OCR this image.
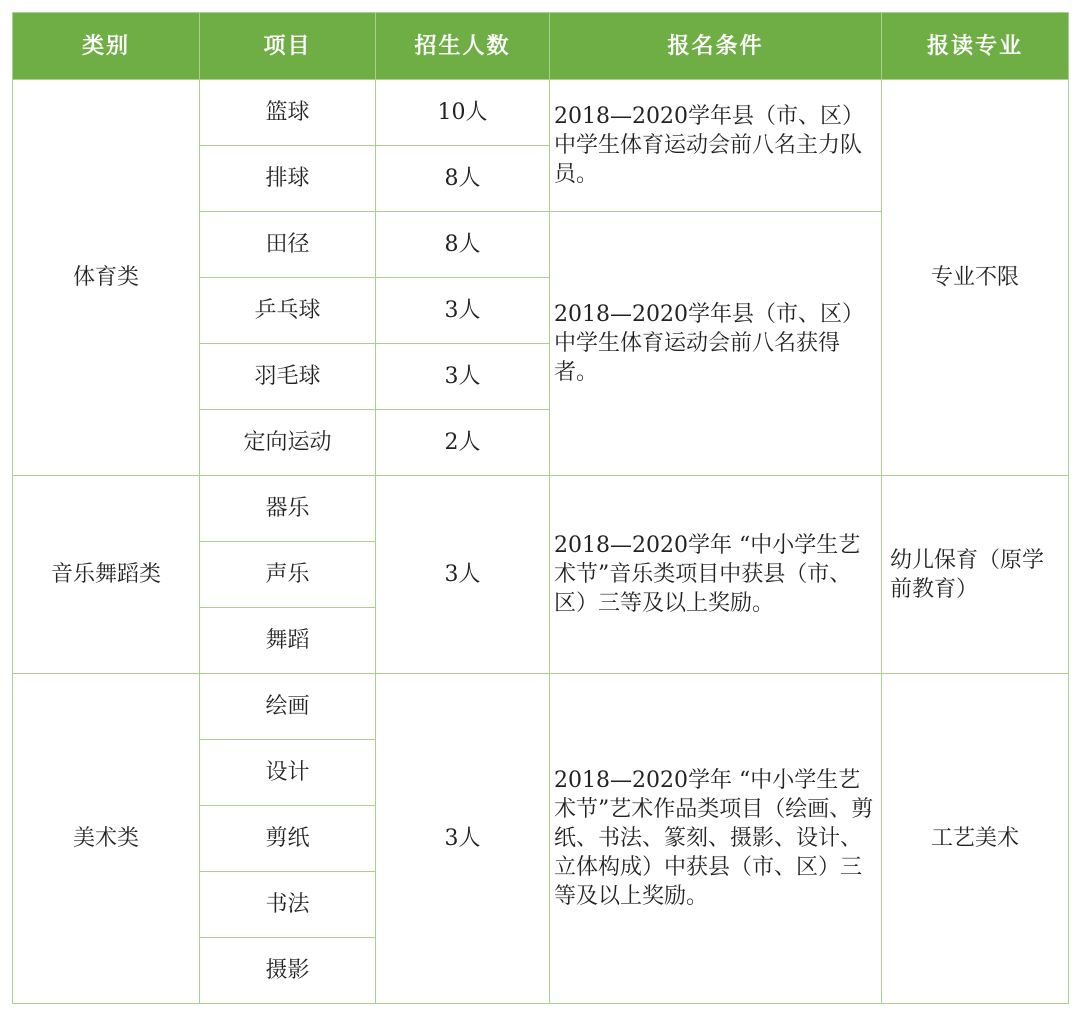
类别	项目	招生人数	报名条件	报读专业
体育类	篮球	10人	2018—2020学年县（市、区）中学生体育运动会前八名主力队员。	专业不限
	排球	8人		
	田径	8人	2018—2020学年县（市、区）中学生体育运动会前八名获得者。	
	乒乓球	3人		
	羽毛球	3人		
	定向运动	2人		
音乐舞蹈类	器乐	3人	2018—2020学年 “中小学生艺术节”音乐类项目中获县（市、区）三等及以上奖励。	幼儿保育（原学前教育）
	声乐			
	舞蹈			
美术类	绘画	3人	2018—2020学年 “中小学生艺术节”艺术作品类项目（绘画、剪纸、书法、篆刻、摄影、设计、立体构成）中获县（市、区）三等及以上奖励。	工艺美术
	设计			
	剪纸			
	书法			
	摄影			
